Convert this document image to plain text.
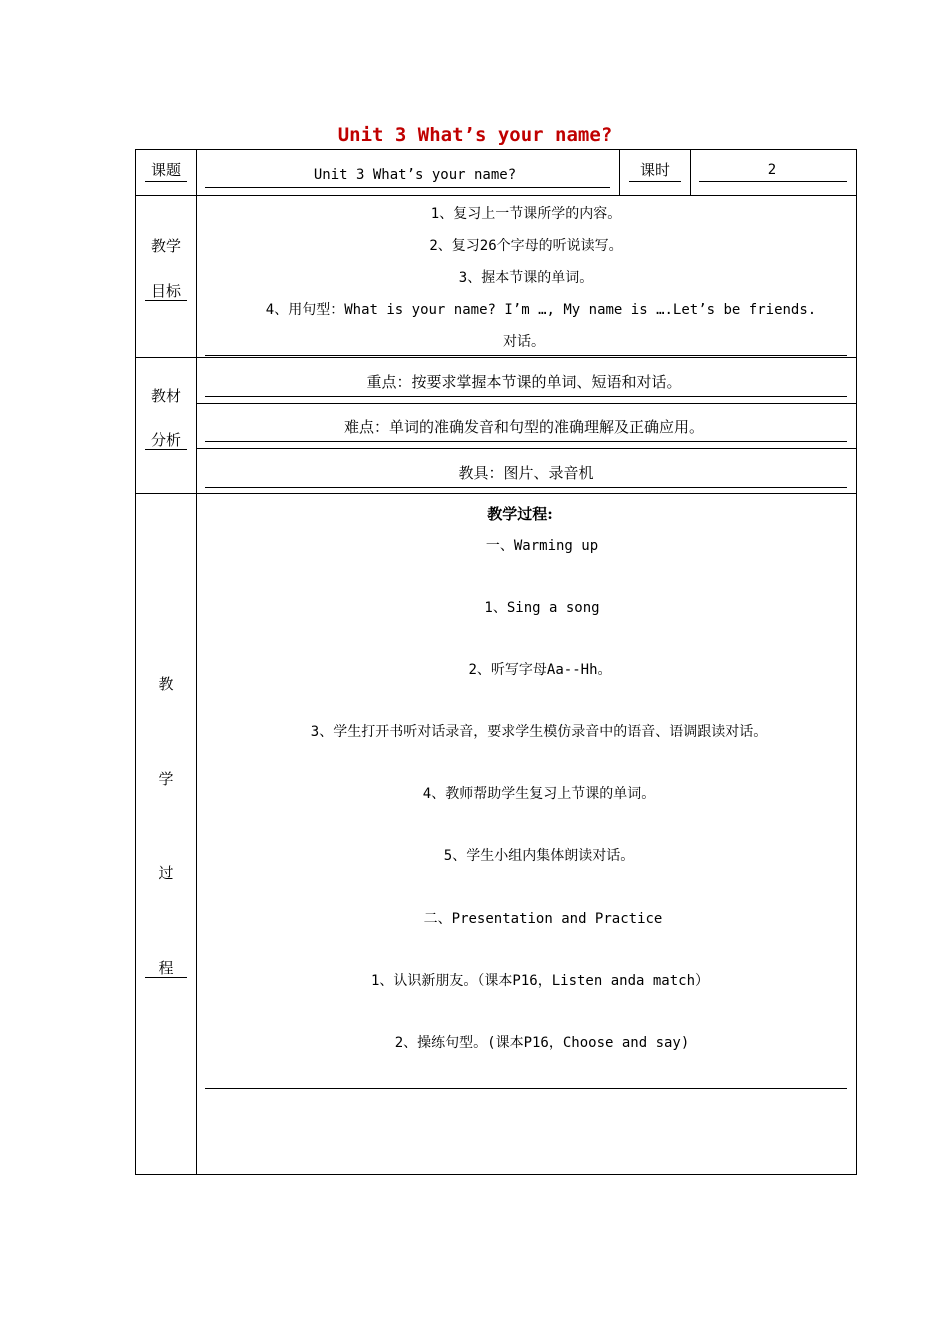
Unit 3 What’s your name?
课题	Unit 3 What’s your name?	课时	2
教学
目标
1、复习上一节课所学的内容。
2、复习26个字母的听说读写。
3、握本节课的单词。
4、用句型：What is your name? I’m …, My name is ….Let’s be friends.
对话。
教材
分析
重点：按要求掌握本节课的单词、短语和对话。
难点：单词的准确发音和句型的准确理解及正确应用。
教具：图片、录音机
教
学
过
程
教学过程:
一、Warming up
1、Sing a song
2、听写字母Aa--Hh。
3、学生打开书听对话录音，要求学生模仿录音中的语音、语调跟读对话。
4、教师帮助学生复习上节课的单词。
5、学生小组内集体朗读对话。
二、Presentation and Practice
1、认识新朋友。（课本P16，Listen anda match）
2、操练句型。(课本P16，Choose and say)
